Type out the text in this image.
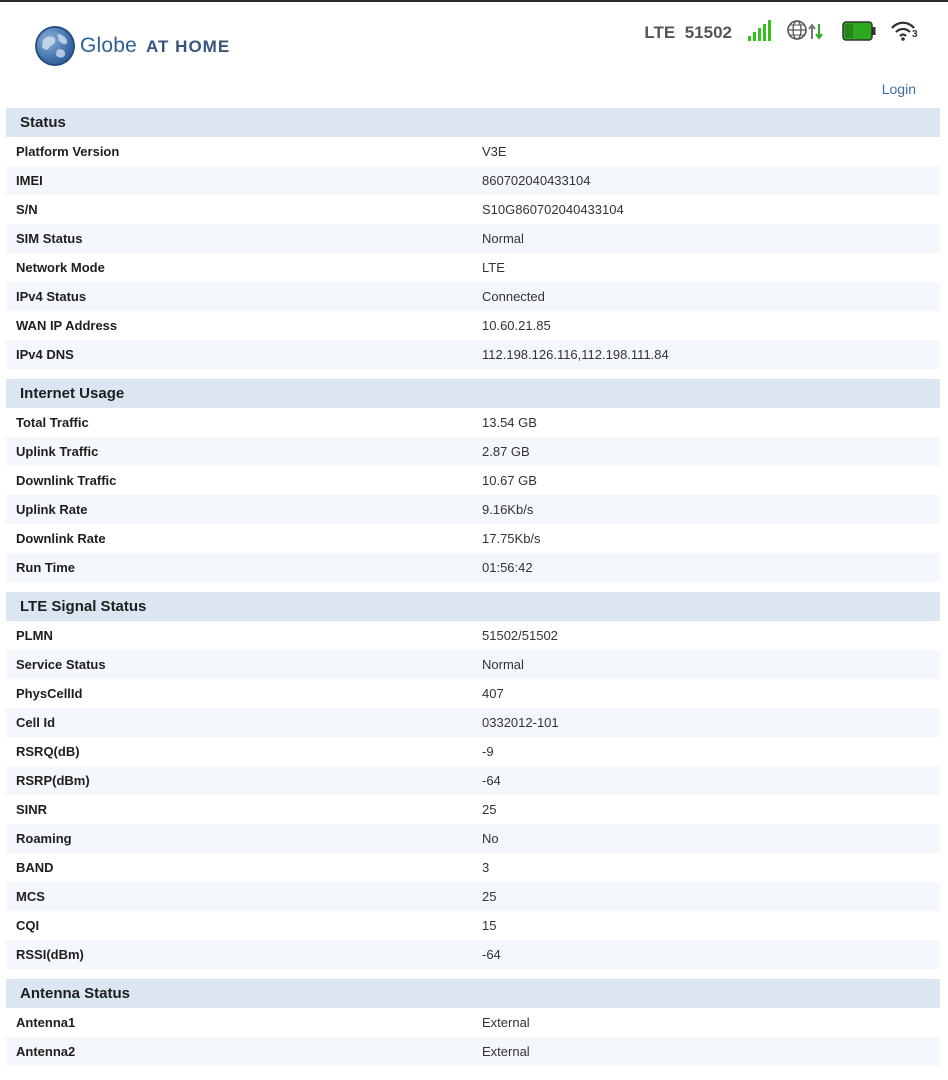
Globe AT HOME
LTE 51502	3
Login
Status
Platform Version	V3E
IMEI	860702040433104
S/N	S10G860702040433104
SIM Status	Normal
Network Mode	LTE
IPv4 Status	Connected
WAN IP Address	10.60.21.85
IPv4 DNS	112.198.126.116,112.198.111.84
Internet Usage
Total Traffic	13.54 GB
Uplink Traffic	2.87 GB
Downlink Traffic	10.67 GB
Uplink Rate	9.16Kb/s
Downlink Rate	17.75Kb/s
Run Time	01:56:42
LTE Signal Status
PLMN	51502/51502
Service Status	Normal
PhysCellId	407
Cell Id	0332012-101
RSRQ(dB)	-9
RSRP(dBm)	-64
SINR	25
Roaming	No
BAND	3
MCS	25
CQI	15
RSSI(dBm)	-64
Antenna Status
Antenna1	External
Antenna2	External
